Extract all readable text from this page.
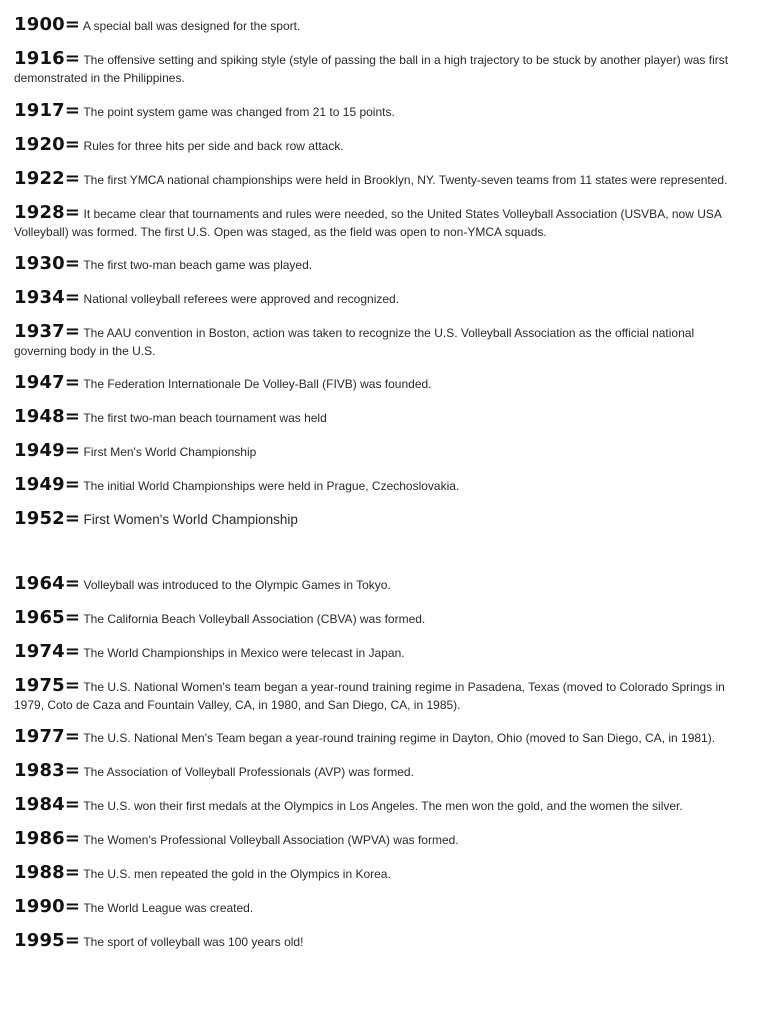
1900= A special ball was designed for the sport.

1916= The offensive setting and spiking style (style of passing the ball in a high trajectory to be stuck by another player) was first demonstrated in the Philippines.

1917= The point system game was changed from 21 to 15 points.

1920= Rules for three hits per side and back row attack.

1922= The first YMCA national championships were held in Brooklyn, NY. Twenty-seven teams from 11 states were represented.

1928= It became clear that tournaments and rules were needed, so the United States Volleyball Association (USVBA, now USA Volleyball) was formed. The first U.S. Open was staged, as the field was open to non-YMCA squads.

1930= The first two-man beach game was played.

1934= National volleyball referees were approved and recognized.

1937= The AAU convention in Boston, action was taken to recognize the U.S. Volleyball Association as the official national governing body in the U.S.

1947= The Federation Internationale De Volley-Ball (FIVB) was founded.

1948= The first two-man beach tournament was held

1949= First Men's World Championship

1949= The initial World Championships were held in Prague, Czechoslovakia.

1952= First Women's World Championship

1964= Volleyball was introduced to the Olympic Games in Tokyo.

1965= The California Beach Volleyball Association (CBVA) was formed.

1974= The World Championships in Mexico were telecast in Japan.

1975= The U.S. National Women's team began a year-round training regime in Pasadena, Texas (moved to Colorado Springs in 1979, Coto de Caza and Fountain Valley, CA, in 1980, and San Diego, CA, in 1985).

1977= The U.S. National Men's Team began a year-round training regime in Dayton, Ohio (moved to San Diego, CA, in 1981).

1983= The Association of Volleyball Professionals (AVP) was formed.

1984= The U.S. won their first medals at the Olympics in Los Angeles. The men won the gold, and the women the silver.

1986= The Women's Professional Volleyball Association (WPVA) was formed.

1988= The U.S. men repeated the gold in the Olympics in Korea.

1990= The World League was created.

1995= The sport of volleyball was 100 years old!
